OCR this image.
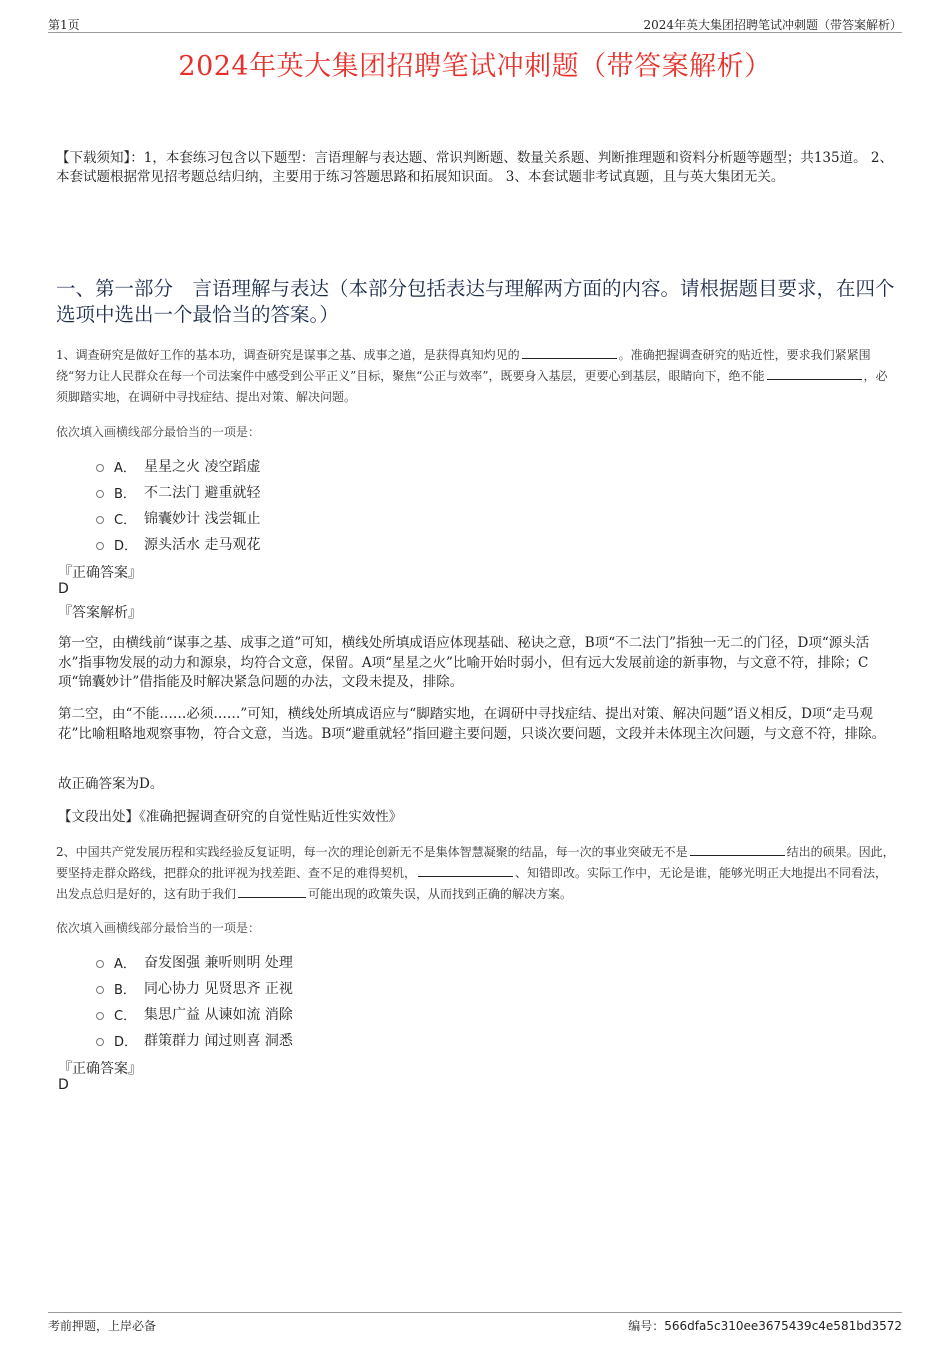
第1页	2024年英大集团招聘笔试冲刺题（带答案解析）
2024年英大集团招聘笔试冲刺题（带答案解析）
【下载须知】：1，本套练习包含以下题型：言语理解与表达题、常识判断题、数量关系题、判断推理题和资料分析题等题型；共135道。 2、本套试题根据常见招考题总结归纳，主要用于练习答题思路和拓展知识面。 3、本套试题非考试真题，且与英大集团无关。
一、第一部分　言语理解与表达（本部分包括表达与理解两方面的内容。请根据题目要求，在四个选项中选出一个最恰当的答案。）
1、调查研究是做好工作的基本功，调查研究是谋事之基、成事之道，是获得真知灼见的	。准确把握调查研究的贴近性，要求我们紧紧围绕“努力让人民群众在每一个司法案件中感受到公平正义”目标，聚焦“公正与效率”，既要身入基层，更要心到基层，眼睛向下，绝不能	，必须脚踏实地，在调研中寻找症结、提出对策、解决问题。
依次填入画横线部分最恰当的一项是：
A． 星星之火 凌空蹈虚
B． 不二法门 避重就轻
C． 锦囊妙计 浅尝辄止
D． 源头活水 走马观花
『正确答案』
D
『答案解析』
第一空，由横线前“谋事之基、成事之道”可知，横线处所填成语应体现基础、秘诀之意，B项“不二法门”指独一无二的门径，D项“源头活水”指事物发展的动力和源泉，均符合文意，保留。A项“星星之火”比喻开始时弱小，但有远大发展前途的新事物，与文意不符，排除；C项“锦囊妙计”借指能及时解决紧急问题的办法，文段未提及，排除。
第二空，由“不能……必须……”可知，横线处所填成语应与“脚踏实地，在调研中寻找症结、提出对策、解决问题”语义相反，D项“走马观花”比喻粗略地观察事物，符合文意，当选。B项“避重就轻”指回避主要问题，只谈次要问题，文段并未体现主次问题，与文意不符，排除。
故正确答案为D。
【文段出处】《准确把握调查研究的自觉性贴近性实效性》
2、中国共产党发展历程和实践经验反复证明，每一次的理论创新无不是集体智慧凝聚的结晶，每一次的事业突破无不是	结出的硕果。因此，要坚持走群众路线，把群众的批评视为找差距、查不足的难得契机，	、知错即改。实际工作中，无论是谁，能够光明正大地提出不同看法，出发点总归是好的，这有助于我们	可能出现的政策失误，从而找到正确的解决方案。
依次填入画横线部分最恰当的一项是：
A． 奋发图强 兼听则明 处理
B． 同心协力 见贤思齐 正视
C． 集思广益 从谏如流 消除
D． 群策群力 闻过则喜 洞悉
『正确答案』
D
考前押题，上岸必备	编号：566dfa5c310ee3675439c4e581bd3572
